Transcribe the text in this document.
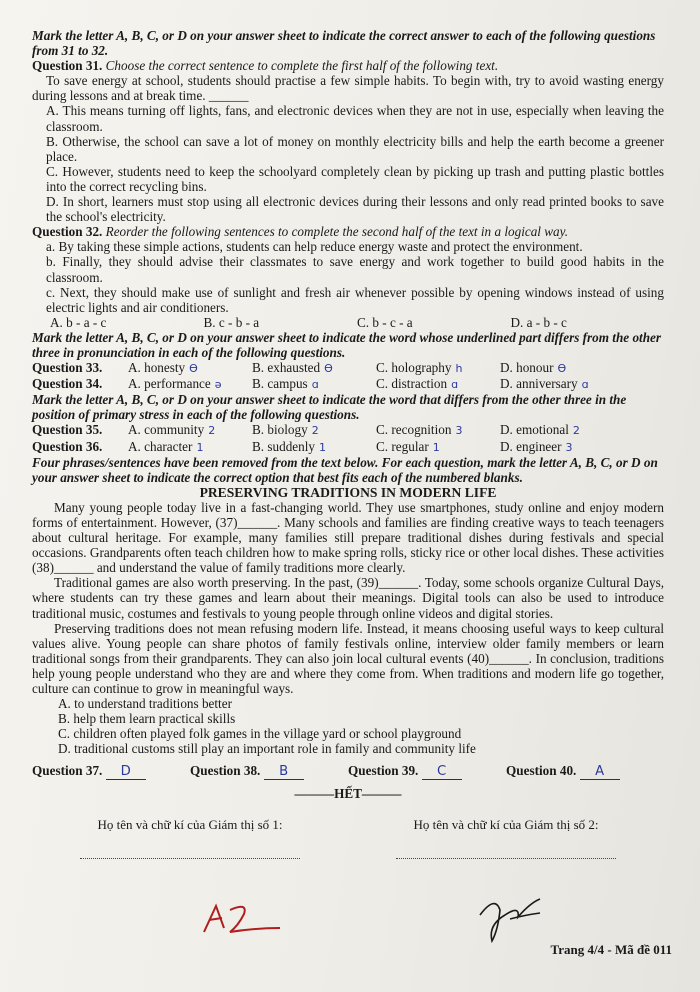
Mark the letter A, B, C, or D on your answer sheet to indicate the correct answer to each of the following questions from 31 to 32.
Question 31. Choose the correct sentence to complete the first half of the following text.
To save energy at school, students should practise a few simple habits. To begin with, try to avoid wasting energy during lessons and at break time. ______
A. This means turning off lights, fans, and electronic devices when they are not in use, especially when leaving the classroom.
B. Otherwise, the school can save a lot of money on monthly electricity bills and help the earth become a greener place.
C. However, students need to keep the schoolyard completely clean by picking up trash and putting plastic bottles into the correct recycling bins.
D. In short, learners must stop using all electronic devices during their lessons and only read printed books to save the school's electricity.
Question 32. Reorder the following sentences to complete the second half of the text in a logical way.
a. By taking these simple actions, students can help reduce energy waste and protect the environment.
b. Finally, they should advise their classmates to save energy and work together to build good habits in the classroom.
c. Next, they should make use of sunlight and fresh air whenever possible by opening windows instead of using electric lights and air conditioners.
A. b - a - c	B. c - b - a	C. b - c - a	D. a - b - c
Mark the letter A, B, C, or D on your answer sheet to indicate the word whose underlined part differs from the other three in pronunciation in each of the following questions.
Question 33.	A. honesty ϴ	B. exhausted ϴ	C. holography h	D. honour ϴ
Question 34.	A. performance ə	B. campus ɑ	C. distraction ɑ	D. anniversary ɑ
Mark the letter A, B, C, or D on your answer sheet to indicate the word that differs from the other three in the position of primary stress in each of the following questions.
Question 35.	A. community 2	B. biology 2	C. recognition 3	D. emotional 2
Question 36.	A. character 1	B. suddenly 1	C. regular 1	D. engineer 3
Four phrases/sentences have been removed from the text below. For each question, mark the letter A, B, C, or D on your answer sheet to indicate the correct option that best fits each of the numbered blanks.
PRESERVING TRADITIONS IN MODERN LIFE
Many young people today live in a fast-changing world. They use smartphones, study online and enjoy modern forms of entertainment. However, (37)______. Many schools and families are finding creative ways to teach teenagers about cultural heritage. For example, many families still prepare traditional dishes during festivals and special occasions. Grandparents often teach children how to make spring rolls, sticky rice or other local dishes. These activities (38)______ and understand the value of family traditions more clearly.
Traditional games are also worth preserving. In the past, (39)______. Today, some schools organize Cultural Days, where students can try these games and learn about their meanings. Digital tools can also be used to introduce traditional music, costumes and festivals to young people through online videos and digital stories.
Preserving traditions does not mean refusing modern life. Instead, it means choosing useful ways to keep cultural values alive. Young people can share photos of family festivals online, interview older family members or learn traditional songs from their grandparents. They can also join local cultural events (40)______. In conclusion, traditions help young people understand who they are and where they come from. When traditions and modern life go together, culture can continue to grow in meaningful ways.
A. to understand traditions better
B. help them learn practical skills
C. children often played folk games in the village yard or school playground
D. traditional customs still play an important role in family and community life
Question 37. D	Question 38. B	Question 39. C	Question 40. A
———HẾT———
Họ tên và chữ kí của Giám thị số 1:	Họ tên và chữ kí của Giám thị số 2:
Trang 4/4 - Mã đề 011
